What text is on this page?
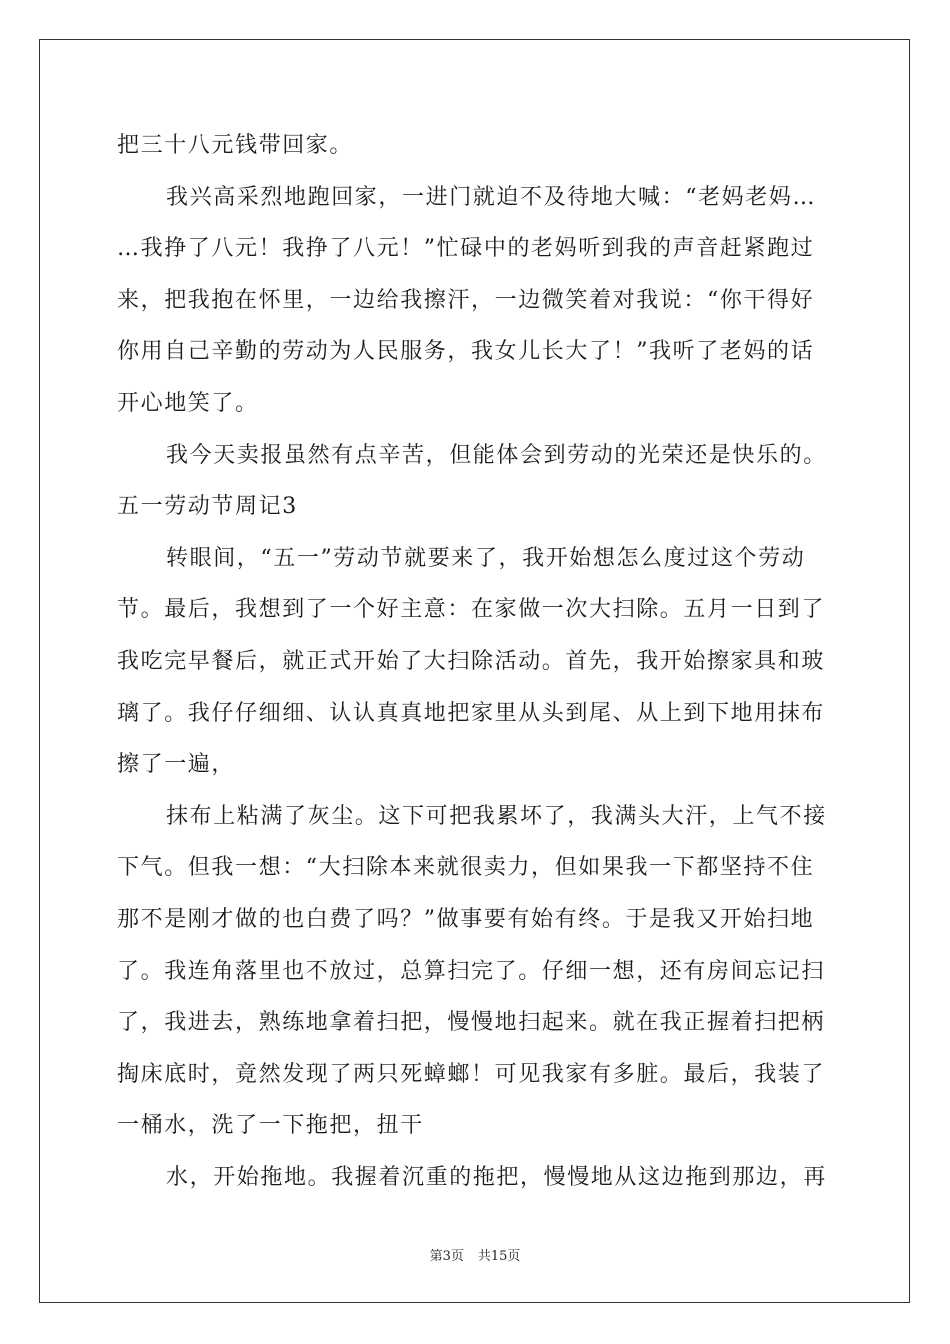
把三十八元钱带回家。
我兴高采烈地跑回家，一进门就迫不及待地大喊：“老妈老妈…
…我挣了八元！我挣了八元！”忙碌中的老妈听到我的声音赶紧跑过
来，把我抱在怀里，一边给我擦汗，一边微笑着对我说：“你干得好
你用自己辛勤的劳动为人民服务，我女儿长大了！”我听了老妈的话
开心地笑了。
我今天卖报虽然有点辛苦，但能体会到劳动的光荣还是快乐的。
五一劳动节周记3
转眼间，“五一”劳动节就要来了，我开始想怎么度过这个劳动
节。最后，我想到了一个好主意：在家做一次大扫除。五月一日到了
我吃完早餐后，就正式开始了大扫除活动。首先，我开始擦家具和玻
璃了。我仔仔细细、认认真真地把家里从头到尾、从上到下地用抹布
擦了一遍，
抹布上粘满了灰尘。这下可把我累坏了，我满头大汗，上气不接
下气。但我一想：“大扫除本来就很卖力，但如果我一下都坚持不住
那不是刚才做的也白费了吗？”做事要有始有终。于是我又开始扫地
了。我连角落里也不放过，总算扫完了。仔细一想，还有房间忘记扫
了，我进去，熟练地拿着扫把，慢慢地扫起来。就在我正握着扫把柄
掏床底时，竟然发现了两只死蟑螂！可见我家有多脏。最后，我装了
一桶水，洗了一下拖把，扭干
水，开始拖地。我握着沉重的拖把，慢慢地从这边拖到那边，再
第3页 共15页
